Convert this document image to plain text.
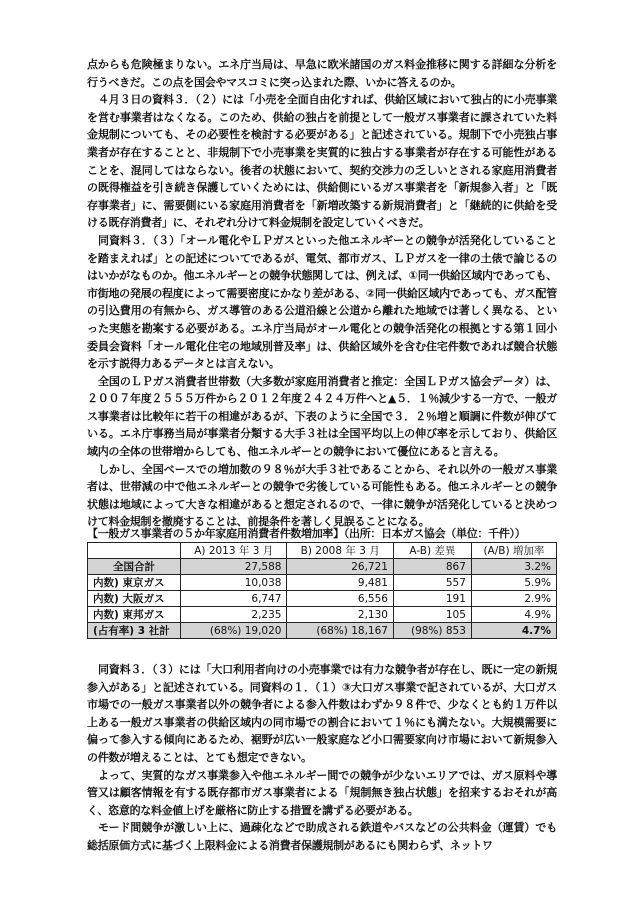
点からも危険極まりない。エネ庁当局は、早急に欧米諸国のガス料金推移に関する詳細な分析を行うべきだ。この点を国会やマスコミに突っ込まれた際、いかに答えるのか。

４月３日の資料３．（２）には「小売を全面自由化すれば、供給区域において独占的に小売事業を営む事業者はなくなる。このため、供給の独占を前提として一般ガス事業者に課されていた料金規制についても、その必要性を検討する必要がある」と記述されている。規制下で小売独占事業者が存在することと、非規制下で小売事業を実質的に独占する事業者が存在する可能性があることを、混同してはならない。後者の状態において、契約交渉力の乏しいとされる家庭用消費者の既得権益を引き続き保護していくためには、供給側にいるガス事業者を「新規参入者」と「既存事業者」に、需要側にいる家庭用消費者を「新増改築する新規消費者」と「継続的に供給を受ける既存消費者」に、それぞれ分けて料金規制を設定していくべきだ。

同資料３．（３）「オール電化やＬＰガスといった他エネルギーとの競争が活発化していることを踏まえれば」との記述についてであるが、電気、都市ガス、ＬＰガスを一律の土俵で論じるのはいかがなものか。他エネルギーとの競争状態関しては、例えば、①同一供給区域内であっても、市街地の発展の程度によって需要密度にかなり差がある、②同一供給区域内であっても、ガス配管の引込費用の有無から、ガス導管のある公道沿線と公道から離れた地域では著しく異なる、といった実態を勘案する必要がある。エネ庁当局がオール電化との競争活発化の根拠とする第１回小委員会資料「オール電化住宅の地域別普及率」は、供給区域外を含む住宅件数であれば競合状態を示す説得力あるデータとは言えない。

全国のＬＰガス消費者世帯数（大多数が家庭用消費者と推定：全国ＬＰガス協会データ）は、２００７年度２５５５万件から２０１２年度２４２４万件へと▲５．１％減少する一方で、一般ガス事業者は比較年に若干の相違があるが、下表のように全国で３．２％増と順調に件数が伸びている。エネ庁事務当局が事業者分類する大手３社は全国平均以上の伸び率を示しており、供給区域内の全体の世帯増からしても、他エネルギーとの競争において優位にあると言える。

しかし、全国ベースでの増加数の９８％が大手３社であることから、それ以外の一般ガス事業者は、世帯減の中で他エネルギーとの競争で劣後している可能性もある。他エネルギーとの競争状態は地域によって大きな相違があると想定されるので、一律に競争が活発化していると決めつけて料金規制を撤廃することは、前提条件を著しく見誤ることになる。

【一般ガス事業者の５か年家庭用消費者件数増加率】（出所：日本ガス協会（単位：千件））
	A) 2013 年 3 月	B) 2008 年 3 月	A-B) 差異	(A/B) 増加率
全国合計	27,588	26,721	867	3.2%
内数) 東京ガス	10,038	9,481	557	5.9%
内数) 大阪ガス	6,747	6,556	191	2.9%
内数) 東邦ガス	2,235	2,130	105	4.9%
(占有率) 3 社計	(68%) 19,020	(68%) 18,167	(98%) 853	4.7%

同資料３．（３）には「大口利用者向けの小売事業では有力な競争者が存在し、既に一定の新規参入がある」と記述されている。同資料の１．（１）③大口ガス事業で記されているが、大口ガス市場での一般ガス事業者以外の競争者による参入件数はわずか９８件で、少なくとも約１万件以上ある一般ガス事業者の供給区域内の同市場での割合において１％にも満たない。大規模需要に偏って参入する傾向にあるため、裾野が広い一般家庭など小口需要家向け市場において新規参入の件数が増えることは、とても想定できない。

よって、実質的なガス事業参入や他エネルギー間での競争が少ないエリアでは、ガス原料や導管又は顧客情報を有する既存都市ガス事業者による「規制無き独占状態」を招来するおそれが高く、恣意的な料金値上げを厳格に防止する措置を講ずる必要がある。

モード間競争が激しい上に、過疎化などで助成される鉄道やバスなどの公共料金（運賃）でも総括原価方式に基づく上限料金による消費者保護規制があるにも関わらず、ネットワ
